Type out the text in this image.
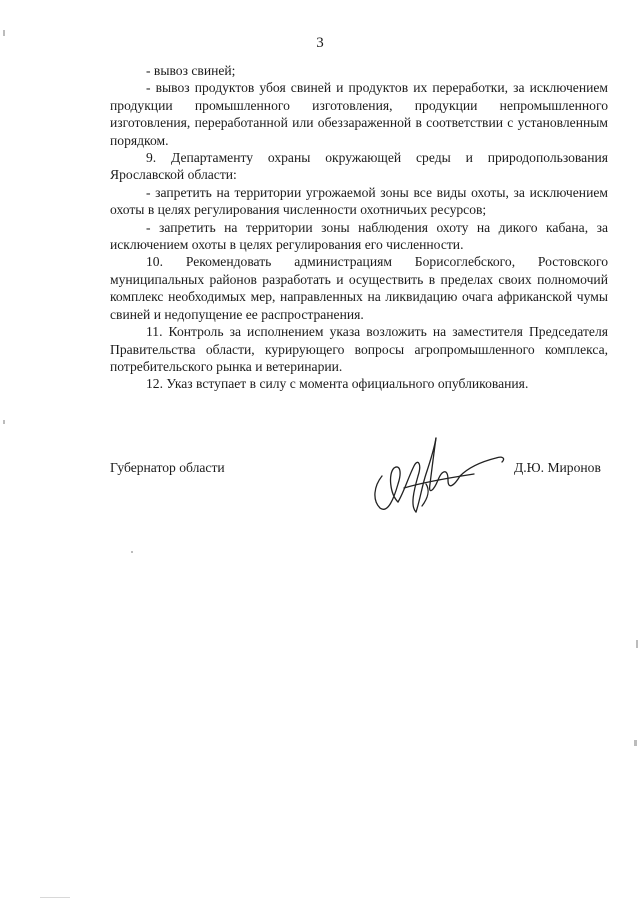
3

- вывоз свиней;

- вывоз продуктов убоя свиней и продуктов их переработки, за исключением продукции промышленного изготовления, продукции непромышленного изготовления, переработанной или обеззараженной в соответствии с установленным порядком.

9. Департаменту охраны окружающей среды и природопользования Ярославской области:

- запретить на территории угрожаемой зоны все виды охоты, за исключением охоты в целях регулирования численности охотничьих ресурсов;

- запретить на территории зоны наблюдения охоту на дикого кабана, за исключением охоты в целях регулирования его численности.

10. Рекомендовать администрациям Борисоглебского, Ростовского муниципальных районов разработать и осуществить в пределах своих полномочий комплекс необходимых мер, направленных на ликвидацию очага африканской чумы свиней и недопущение ее распространения.

11. Контроль за исполнением указа возложить на заместителя Председателя Правительства области, курирующего вопросы агропромышленного комплекса, потребительского рынка и ветеринарии.

12. Указ вступает в силу с момента официального опубликования.

Губернатор области	Д.Ю. Миронов
